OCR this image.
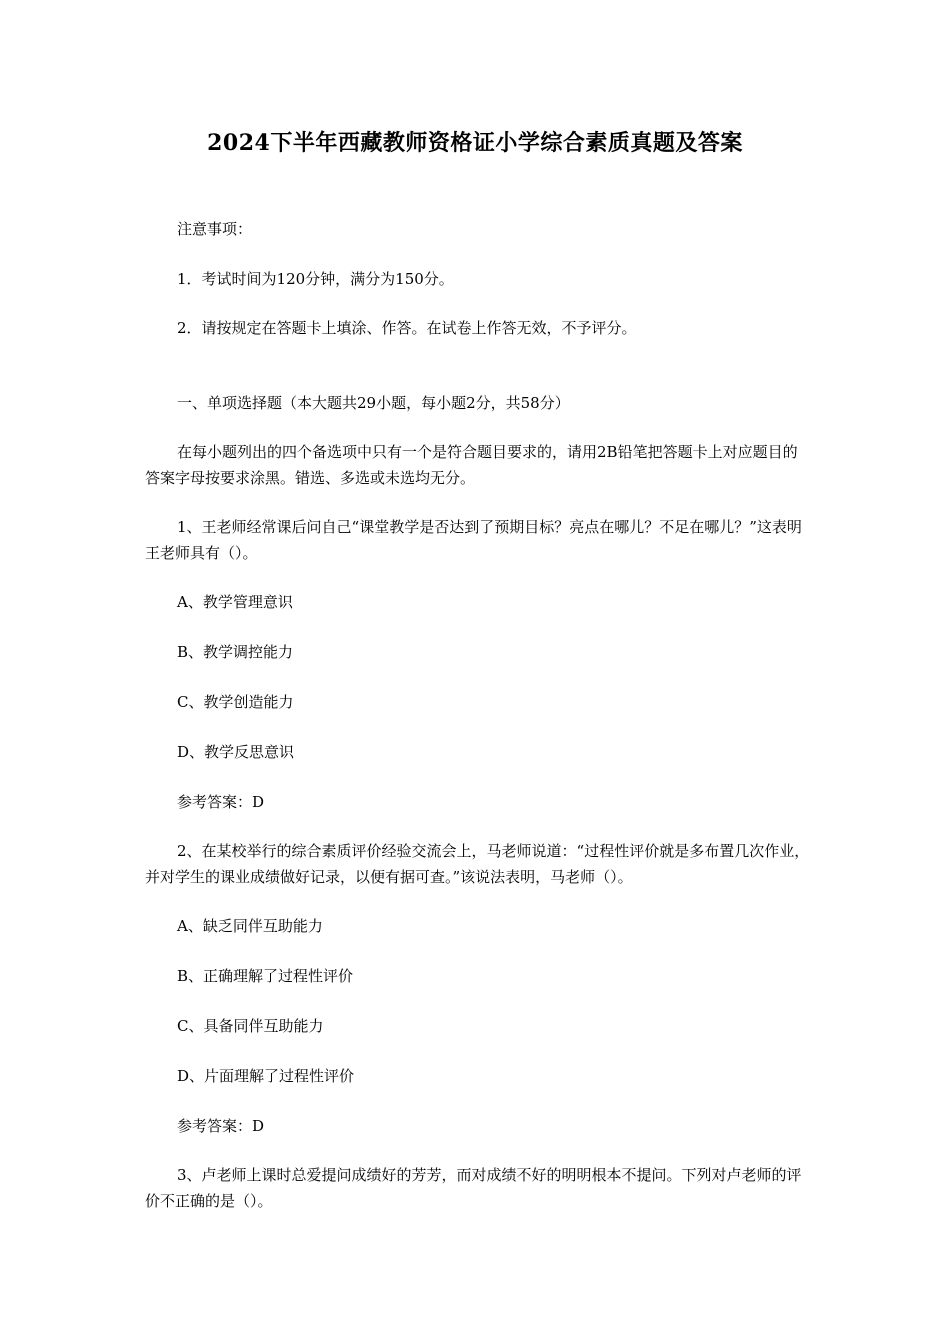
2024下半年西藏教师资格证小学综合素质真题及答案
注意事项：
1．考试时间为120分钟，满分为150分。
2．请按规定在答题卡上填涂、作答。在试卷上作答无效，不予评分。
一、单项选择题（本大题共29小题，每小题2分，共58分）
在每小题列出的四个备选项中只有一个是符合题目要求的，请用2B铅笔把答题卡上对应题目的答案字母按要求涂黑。错选、多选或未选均无分。
1、王老师经常课后问自己“课堂教学是否达到了预期目标？亮点在哪儿？不足在哪儿？”这表明王老师具有（）。
A、教学管理意识
B、教学调控能力
C、教学创造能力
D、教学反思意识
参考答案：D
2、在某校举行的综合素质评价经验交流会上，马老师说道：“过程性评价就是多布置几次作业，并对学生的课业成绩做好记录，以便有据可查。”该说法表明，马老师（）。
A、缺乏同伴互助能力
B、正确理解了过程性评价
C、具备同伴互助能力
D、片面理解了过程性评价
参考答案：D
3、卢老师上课时总爱提问成绩好的芳芳，而对成绩不好的明明根本不提问。下列对卢老师的评价不正确的是（）。
